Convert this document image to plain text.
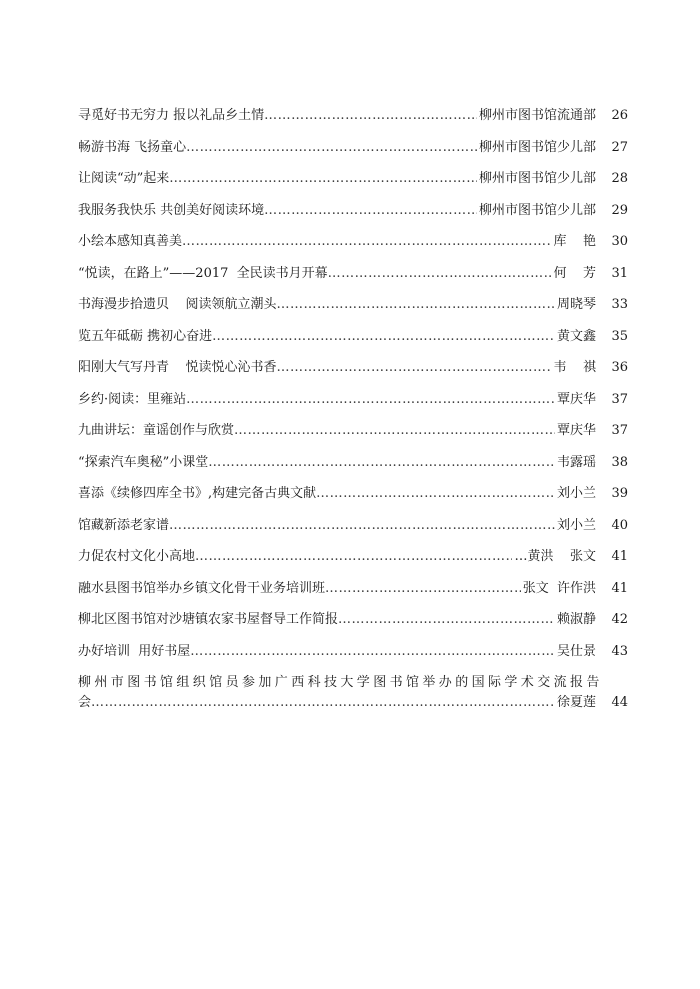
寻觅好书无穷力 报以礼品乡土情 ……………………………………………………………………………………………………………………………………………………………………………	柳州市图书馆流通部	26
畅游书海 飞扬童心 ……………………………………………………………………………………………………………………………………………………………………………	柳州市图书馆少儿部	27
让阅读“动”起来 ……………………………………………………………………………………………………………………………………………………………………………	柳州市图书馆少儿部	28
我服务我快乐 共创美好阅读环境 ……………………………………………………………………………………………………………………………………………………………………………	柳州市图书馆少儿部	29
小绘本感知真善美 ……………………………………………………………………………………………………………………………………………………………………………	库    艳	30
“悦读，在路上”——2017  全民读书月开幕 ……………………………………………………………………………………………………………………………………………………………………………	何    芳	31
书海漫步拾遗贝    阅读领航立潮头 ……………………………………………………………………………………………………………………………………………………………………………	周晓琴	33
览五年砥砺 携初心奋进 ……………………………………………………………………………………………………………………………………………………………………………	黄文鑫	35
阳刚大气写丹青    悦读悦心沁书香 ……………………………………………………………………………………………………………………………………………………………………………	韦    祺	36
乡约·阅读：里雍站 ……………………………………………………………………………………………………………………………………………………………………………	覃庆华	37
九曲讲坛：童谣创作与欣赏 ……………………………………………………………………………………………………………………………………………………………………………	覃庆华	37
“探索汽车奥秘”小课堂 ……………………………………………………………………………………………………………………………………………………………………………	韦露瑶	38
喜添《续修四库全书》,构建完备古典文献 ……………………………………………………………………………………………………………………………………………………………………………	刘小兰	39
馆藏新添老家谱 ……………………………………………………………………………………………………………………………………………………………………………	刘小兰	40
力促农村文化小高地 ……………………………………………………………………………………………………………………………………………………………………………	…黄洪    张文	41
融水县图书馆举办乡镇文化骨干业务培训班 ……………………………………………………………………………………………………………………………………………………………………………	张文  许作洪	41
柳北区图书馆对沙塘镇农家书屋督导工作简报 ……………………………………………………………………………………………………………………………………………………………………………	赖淑静	42
办好培训  用好书屋 ……………………………………………………………………………………………………………………………………………………………………………	吴仕景	43
柳州市图书馆组织馆员参加广西科技大学图书馆举办的国际学术交流报告
会 ……………………………………………………………………………………………………………………………………………………………………………	徐夏莲	44
